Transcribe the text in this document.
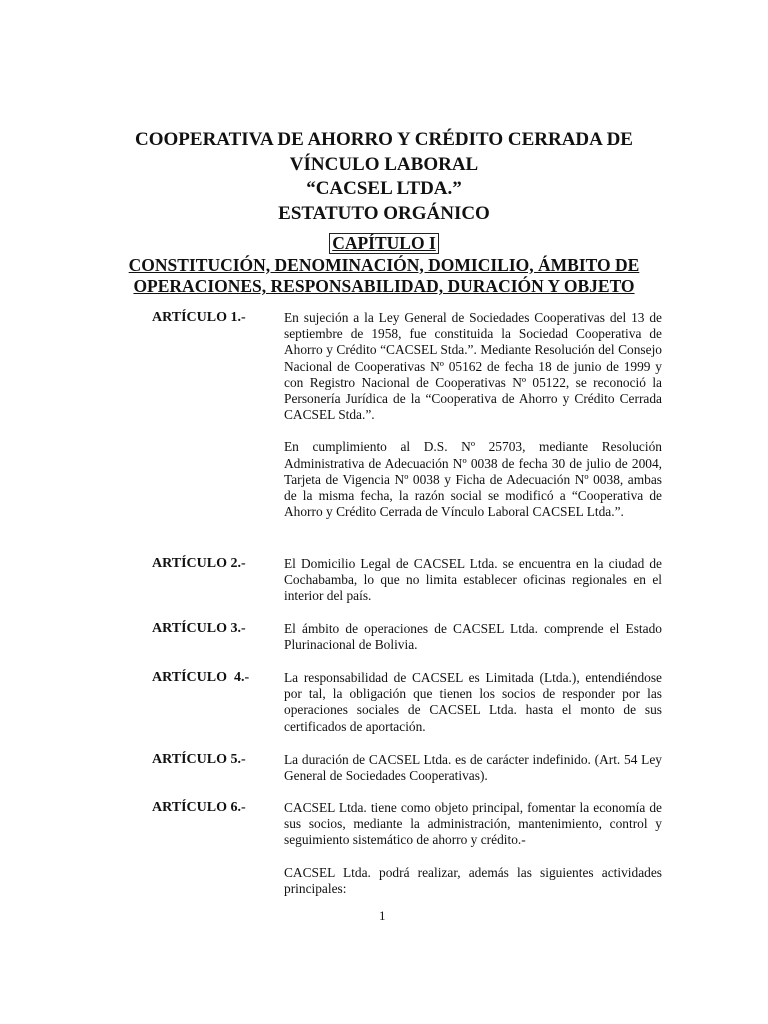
COOPERATIVA DE AHORRO Y CRÉDITO CERRADA DE
VÍNCULO LABORAL
“CACSEL LTDA.”
ESTATUTO ORGÁNICO
CAPÍTULO I
CONSTITUCIÓN, DENOMINACIÓN, DOMICILIO, ÁMBITO DE
OPERACIONES, RESPONSABILIDAD, DURACIÓN Y OBJETO
ARTÍCULO 1.-	En sujeción a la Ley General de Sociedades Cooperativas del 13 de septiembre de 1958, fue constituida la Sociedad Cooperativa de Ahorro y Crédito “CACSEL Stda.”. Mediante Resolución del Consejo Nacional de Cooperativas Nº 05162 de fecha 18 de junio de 1999 y con Registro Nacional de Cooperativas Nº 05122, se reconoció la Personería Jurídica de la “Cooperativa de Ahorro y Crédito Cerrada CACSEL Stda.”.

En cumplimiento al D.S. Nº 25703, mediante Resolución Administrativa de Adecuación Nº 0038 de fecha 30 de julio de 2004, Tarjeta de Vigencia Nº 0038 y Ficha de Adecuación Nº 0038, ambas de la misma fecha, la razón social se modificó a “Cooperativa de Ahorro y Crédito Cerrada de Vínculo Laboral CACSEL Ltda.”.

ARTÍCULO 2.-	El Domicilio Legal de CACSEL Ltda. se encuentra en la ciudad de Cochabamba, lo que no limita establecer oficinas regionales en el interior del país.

ARTÍCULO 3.-	El ámbito de operaciones de CACSEL Ltda. comprende el Estado Plurinacional de Bolivia.

ARTÍCULO  4.-	La responsabilidad de CACSEL es Limitada (Ltda.), entendiéndose por tal, la obligación que tienen los socios de responder por las operaciones sociales de CACSEL Ltda. hasta el monto de sus certificados de aportación.

ARTÍCULO 5.-	La duración de CACSEL Ltda. es de carácter indefinido. (Art. 54 Ley General de Sociedades Cooperativas).

ARTÍCULO 6.-	CACSEL Ltda. tiene como objeto principal, fomentar la economía de sus socios, mediante la administración, mantenimiento, control y seguimiento sistemático de ahorro y crédito.-

CACSEL Ltda. podrá realizar, además las siguientes actividades principales:

1
